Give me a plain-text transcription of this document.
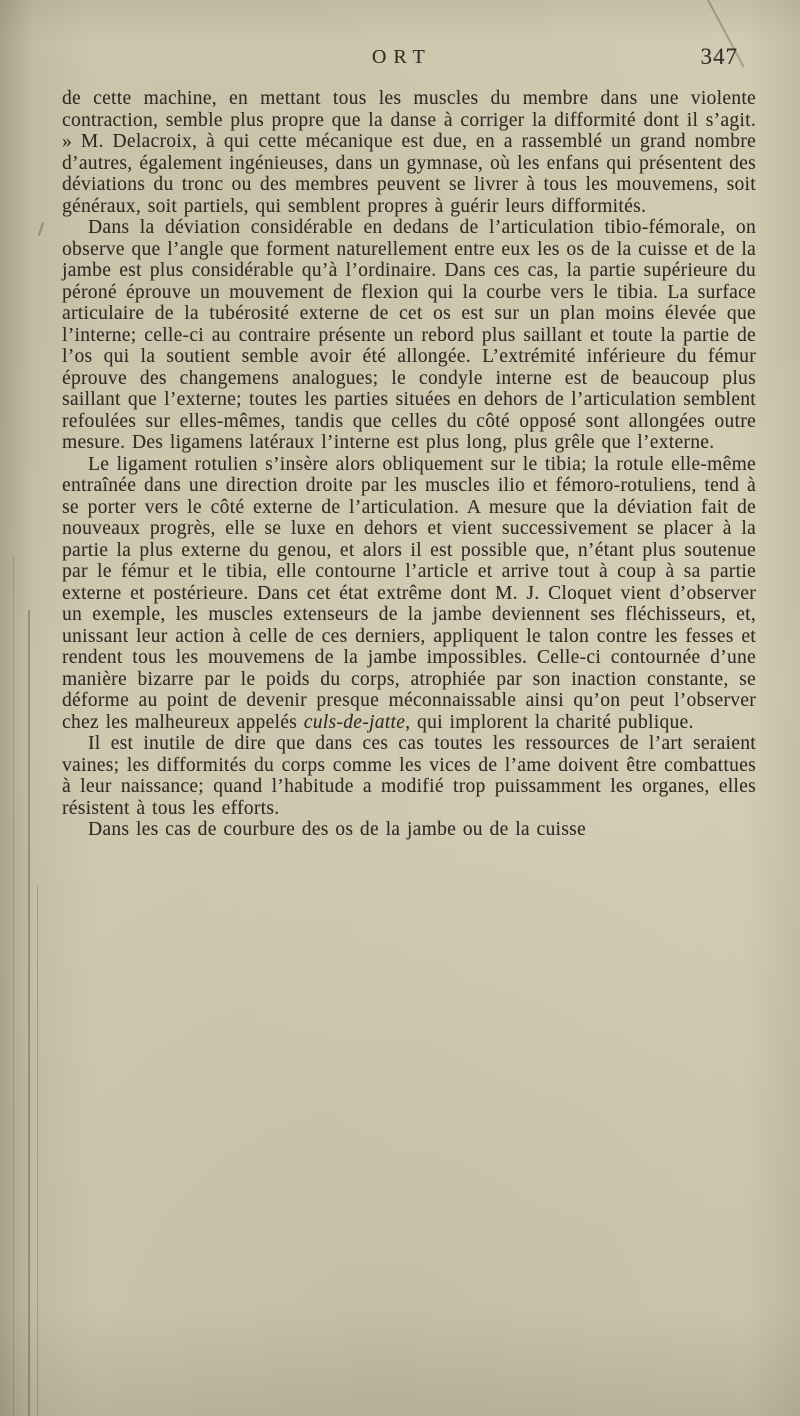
ORT	347

de cette machine, en mettant tous les muscles du membre dans une violente contraction, semble plus propre que la danse à corriger la difformité dont il s’agit. » M. Delacroix, à qui cette mécanique est due, en a rassemblé un grand nombre d’autres, également ingénieuses, dans un gymnase, où les enfans qui présentent des déviations du tronc ou des membres peuvent se livrer à tous les mouvemens, soit généraux, soit partiels, qui semblent propres à guérir leurs difformités.

Dans la déviation considérable en dedans de l’articulation tibio-fémorale, on observe que l’angle que forment naturellement entre eux les os de la cuisse et de la jambe est plus considérable qu’à l’ordinaire. Dans ces cas, la partie supérieure du péroné éprouve un mouvement de flexion qui la courbe vers le tibia. La surface articulaire de la tubérosité externe de cet os est sur un plan moins élevée que l’interne; celle-ci au contraire présente un rebord plus saillant et toute la partie de l’os qui la soutient semble avoir été allongée. L’extrémité inférieure du fémur éprouve des changemens analogues; le condyle interne est de beaucoup plus saillant que l’externe; toutes les parties situées en dehors de l’articulation semblent refoulées sur elles-mêmes, tandis que celles du côté opposé sont allongées outre mesure. Des ligamens latéraux l’interne est plus long, plus grêle que l’externe.

Le ligament rotulien s’insère alors obliquement sur le tibia; la rotule elle-même entraînée dans une direction droite par les muscles ilio et fémoro-rotuliens, tend à se porter vers le côté externe de l’articulation. A mesure que la déviation fait de nouveaux progrès, elle se luxe en dehors et vient successivement se placer à la partie la plus externe du genou, et alors il est possible que, n’étant plus soutenue par le fémur et le tibia, elle contourne l’article et arrive tout à coup à sa partie externe et postérieure. Dans cet état extrême dont M. J. Cloquet vient d’observer un exemple, les muscles extenseurs de la jambe deviennent ses fléchisseurs, et, unissant leur action à celle de ces derniers, appliquent le talon contre les fesses et rendent tous les mouvemens de la jambe impossibles. Celle-ci contournée d’une manière bizarre par le poids du corps, atrophiée par son inaction constante, se déforme au point de devenir presque méconnaissable ainsi qu’on peut l’observer chez les malheureux appelés culs-de-jatte, qui implorent la charité publique.

Il est inutile de dire que dans ces cas toutes les ressources de l’art seraient vaines; les difformités du corps comme les vices de l’ame doivent être combattues à leur naissance; quand l’habitude a modifié trop puissamment les organes, elles résistent à tous les efforts.

Dans les cas de courbure des os de la jambe ou de la cuisse
